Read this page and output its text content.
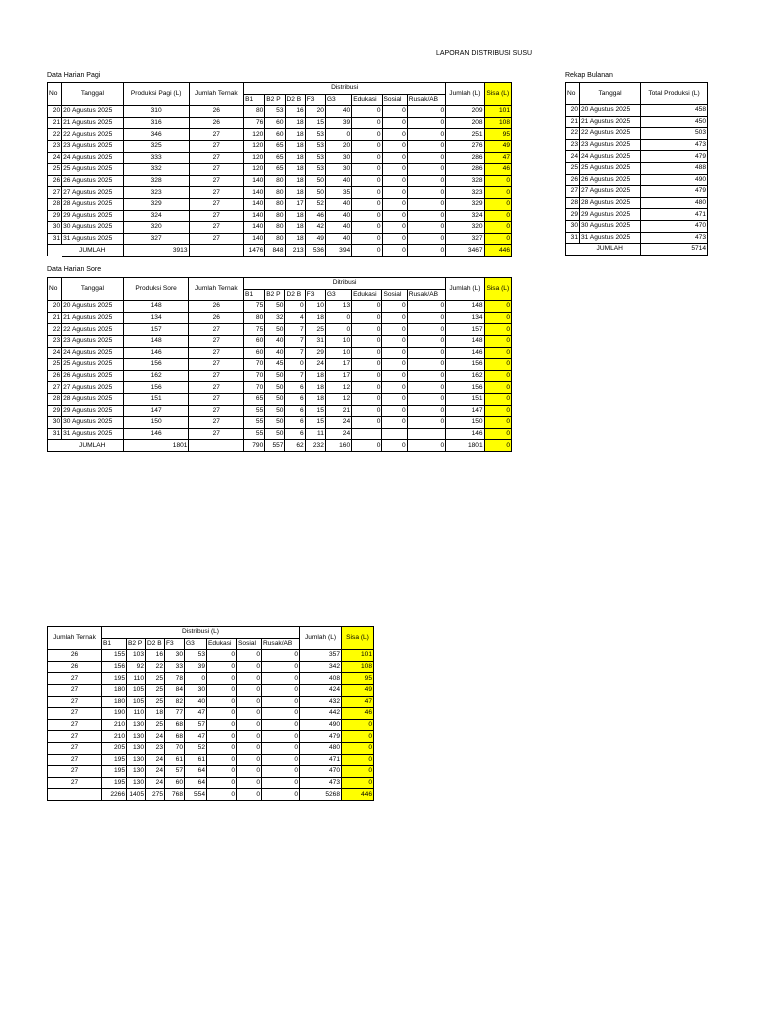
LAPORAN DISTRIBUSI SUSU
Data Harian Pagi
No	Tanggal	Produksi Pagi (L)	Jumlah Ternak	Distribusi								Jumlah (L)	Sisa (L)
				B1	B2 P	D2 B	F3	G3	Edukasi	Sosial	Rusak/AB		
20	20 Agustus 2025	310	26	80	53	16	20	40	0	0	0	209	101
21	21 Agustus 2025	316	26	76	60	18	15	39	0	0	0	208	108
22	22 Agustus 2025	346	27	120	60	18	53	0	0	0	0	251	95
23	23 Agustus 2025	325	27	120	65	18	53	20	0	0	0	276	49
24	24 Agustus 2025	333	27	120	65	18	53	30	0	0	0	286	47
25	25 Agustus 2025	332	27	120	65	18	53	30	0	0	0	286	46
26	26 Agustus 2025	328	27	140	80	18	50	40	0	0	0	328	0
27	27 Agustus 2025	323	27	140	80	18	50	35	0	0	0	323	0
28	28 Agustus 2025	329	27	140	80	17	52	40	0	0	0	329	0
29	29 Agustus 2025	324	27	140	80	18	46	40	0	0	0	324	0
30	30 Agustus 2025	320	27	140	80	18	42	40	0	0	0	320	0
31	31 Agustus 2025	327	27	140	80	18	49	40	0	0	0	327	0
	JUMLAH	3913		1476	848	213	536	394	0	0	0	3467	446
Rekap Bulanan
No	Tanggal	Total Produksi (L)
20	20 Agustus 2025	458
21	21 Agustus 2025	450
22	22 Agustus 2025	503
23	23 Agustus 2025	473
24	24 Agustus 2025	479
25	25 Agustus 2025	488
26	26 Agustus 2025	490
27	27 Agustus 2025	479
28	28 Agustus 2025	480
29	29 Agustus 2025	471
30	30 Agustus 2025	470
31	31 Agustus 2025	473
	JUMLAH	5714
Data Harian Sore
No	Tanggal	Produksi Sore	Jumlah Ternak	Ditribusi								Jumlah (L)	Sisa (L)
				B1	B2 P	D2 B	F3	G3	Edukasi	Sosial	Rusak/AB		
20	20 Agustus 2025	148	26	75	50	0	10	13	0	0	0	148	0
21	21 Agustus 2025	134	26	80	32	4	18	0	0	0	0	134	0
22	22 Agustus 2025	157	27	75	50	7	25	0	0	0	0	157	0
23	23 Agustus 2025	148	27	60	40	7	31	10	0	0	0	148	0
24	24 Agustus 2025	146	27	60	40	7	29	10	0	0	0	146	0
25	25 Agustus 2025	156	27	70	45	0	24	17	0	0	0	156	0
26	26 Agustus 2025	162	27	70	50	7	18	17	0	0	0	162	0
27	27 Agustus 2025	156	27	70	50	6	18	12	0	0	0	156	0
28	28 Agustus 2025	151	27	65	50	6	18	12	0	0	0	151	0
29	29 Agustus 2025	147	27	55	50	6	15	21	0	0	0	147	0
30	30 Agustus 2025	150	27	55	50	6	15	24	0	0	0	150	0
31	31 Agustus 2025	146	27	55	50	6	11	24				146	0
	JUMLAH	1801		790	557	62	232	160	0	0	0	1801	0
Jumlah Ternak	Distribusi (L)								Jumlah (L)	Sisa (L)
	B1	B2 P	D2 B	F3	G3	Edukasi	Sosial	Rusak/AB		
26	155	103	16	30	53	0	0	0	357	101
26	156	92	22	33	39	0	0	0	342	108
27	195	110	25	78	0	0	0	0	408	95
27	180	105	25	84	30	0	0	0	424	49
27	180	105	25	82	40	0	0	0	432	47
27	190	110	18	77	47	0	0	0	442	46
27	210	130	25	68	57	0	0	0	490	0
27	210	130	24	68	47	0	0	0	479	0
27	205	130	23	70	52	0	0	0	480	0
27	195	130	24	61	61	0	0	0	471	0
27	195	130	24	57	64	0	0	0	470	0
27	195	130	24	60	64	0	0	0	473	0
	2266	1405	275	768	554	0	0	0	5268	446
